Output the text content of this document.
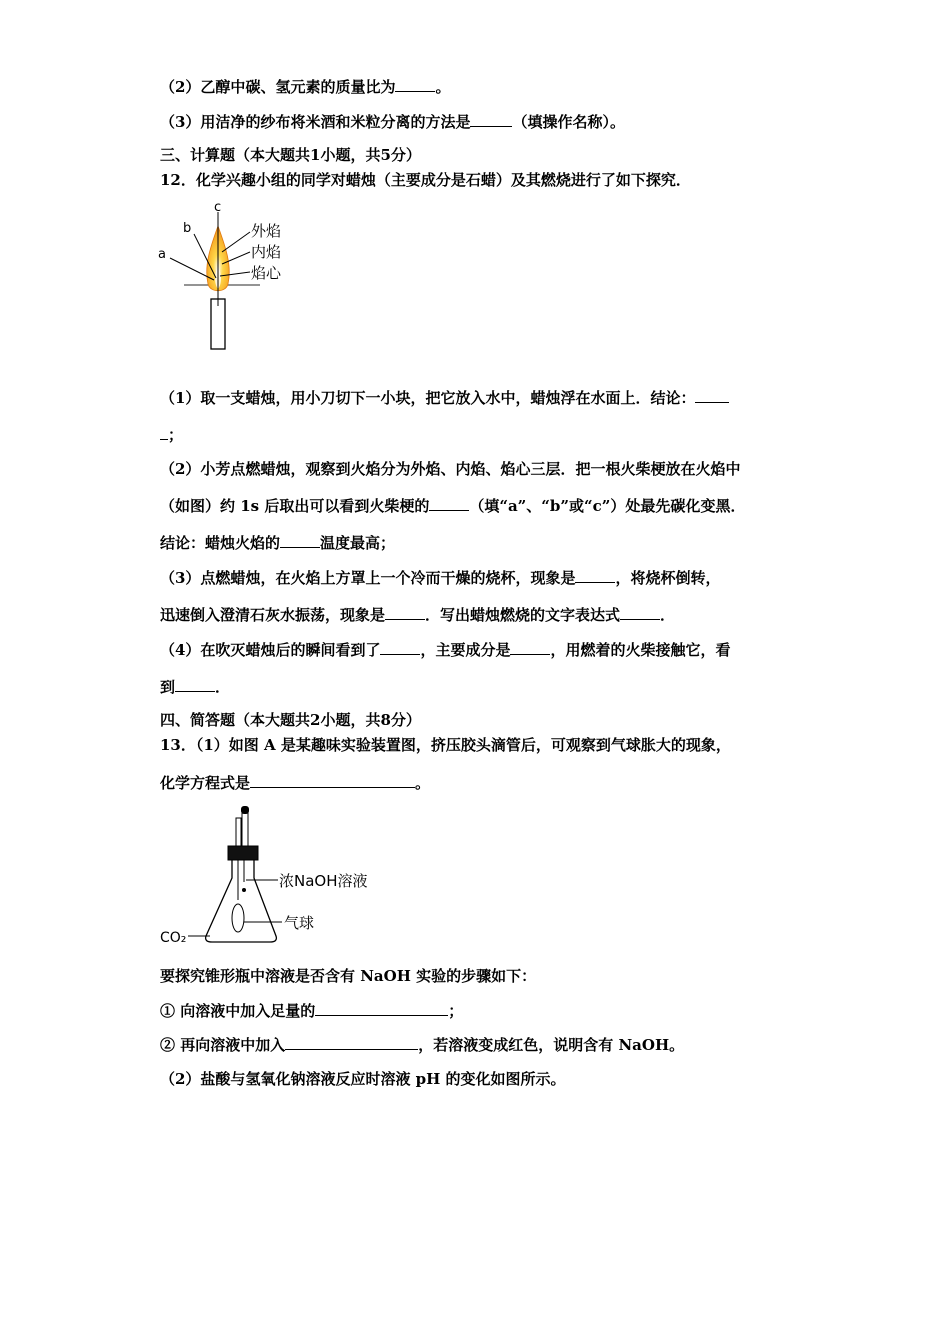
（2）乙醇中碳、氢元素的质量比为	。
（3）用洁净的纱布将米酒和米粒分离的方法是	（填操作名称）。
三、计算题（本大题共1小题，共5分）
12．化学兴趣小组的同学对蜡烛（主要成分是石蜡）及其燃烧进行了如下探究．
c
b
a
外焰
内焰
焰心
（1）取一支蜡烛，用小刀切下一小块，把它放入水中，蜡烛浮在水面上．结论：
；
（2）小芳点燃蜡烛，观察到火焰分为外焰、内焰、焰心三层．把一根火柴梗放在火焰中
（如图）约 1s 后取出可以看到火柴梗的	（填“a”、“b”或“c”）处最先碳化变黑．
结论：蜡烛火焰的	温度最高；
（3）点燃蜡烛，在火焰上方罩上一个冷而干燥的烧杯，现象是	，将烧杯倒转，
迅速倒入澄清石灰水振荡，现象是	．写出蜡烛燃烧的文字表达式	．
（4）在吹灭蜡烛后的瞬间看到了	，主要成分是	，用燃着的火柴接触它，看
到	．
四、简答题（本大题共2小题，共8分）
13．（1）如图 A 是某趣味实验装置图，挤压胶头滴管后，可观察到气球胀大的现象，
化学方程式是	。
浓NaOH溶液
气球
CO₂
要探究锥形瓶中溶液是否含有 NaOH 实验的步骤如下：
① 向溶液中加入足量的	；
② 再向溶液中加入	，若溶液变成红色，说明含有 NaOH。
（2）盐酸与氢氧化钠溶液反应时溶液 pH 的变化如图所示。
